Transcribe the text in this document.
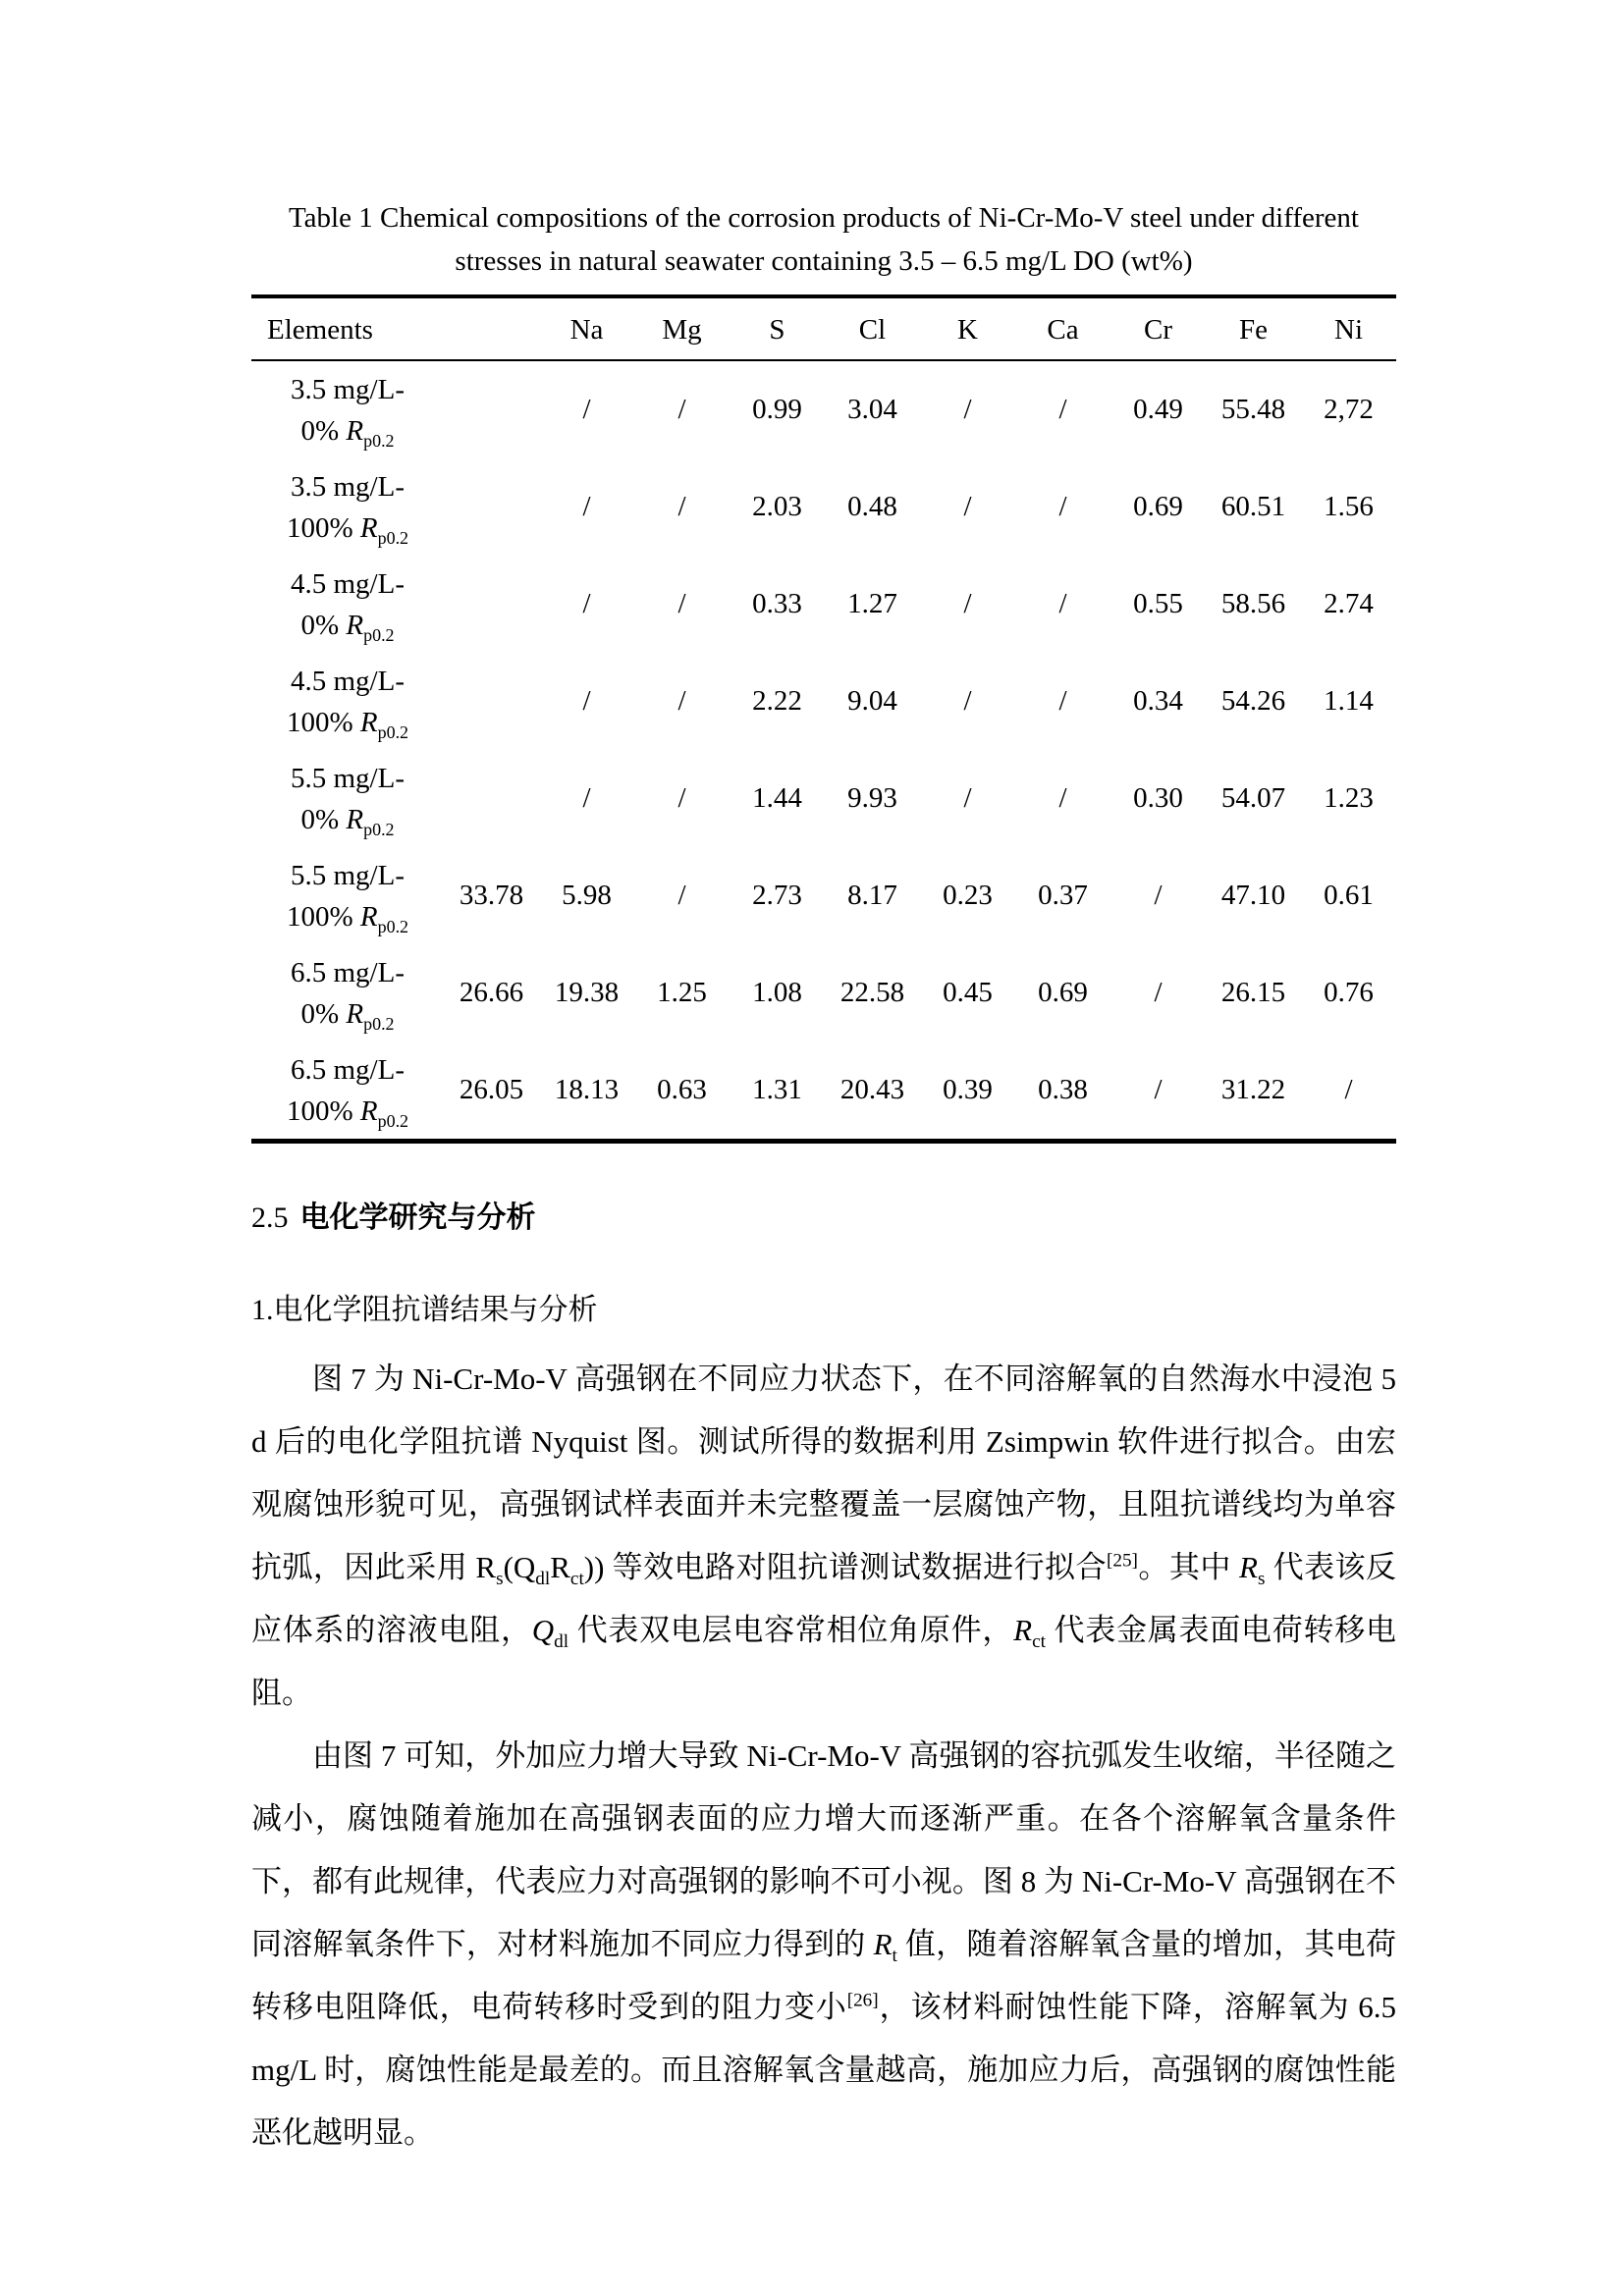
Table 1 Chemical compositions of the corrosion products of Ni-Cr-Mo-V steel under different
stresses in natural seawater containing 3.5 – 6.5 mg/L DO (wt%)
Elements		Na	Mg	S	Cl	K	Ca	Cr	Fe	Ni

3.5 mg/L-
0% $R_{p0.2}$		/	/	0.99	3.04	/	/	0.49	55.48	2,72

3.5 mg/L-
100% $R_{p0.2}$		/	/	2.03	0.48	/	/	0.69	60.51	1.56

4.5 mg/L-
0% $R_{p0.2}$		/	/	0.33	1.27	/	/	0.55	58.56	2.74

4.5 mg/L-
100% $R_{p0.2}$		/	/	2.22	9.04	/	/	0.34	54.26	1.14

5.5 mg/L-
0% $R_{p0.2}$		/	/	1.44	9.93	/	/	0.30	54.07	1.23

5.5 mg/L-
100% $R_{p0.2}$	33.78	5.98	/	2.73	8.17	0.23	0.37	/	47.10	0.61

6.5 mg/L-
0% $R_{p0.2}$	26.66	19.38	1.25	1.08	22.58	0.45	0.69	/	26.15	0.76

6.5 mg/L-
100% $R_{p0.2}$	26.05	18.13	0.63	1.31	20.43	0.39	0.38	/	31.22	/
2.5 电化学研究与分析
1.电化学阻抗谱结果与分析

图 7 为 Ni-Cr-Mo-V 高强钢在不同应力状态下，在不同溶解氧的自然海水中浸泡 5 d 后的电化学阻抗谱 Nyquist 图。测试所得的数据利用 Zsimpwin 软件进行拟合。由宏观腐蚀形貌可见，高强钢试样表面并未完整覆盖一层腐蚀产物，且阻抗谱线均为单容抗弧，因此采用 $R_s(Q_{dl}R_{ct})$) 等效电路对阻抗谱测试数据进行拟合[25]。其中 $R_s$ 代表该反应体系的溶液电阻，$Q_{dl}$ 代表双电层电容常相位角原件，$R_{ct}$ 代表金属表面电荷转移电阻。

由图 7 可知，外加应力增大导致 Ni-Cr-Mo-V 高强钢的容抗弧发生收缩，半径随之减小，腐蚀随着施加在高强钢表面的应力增大而逐渐严重。在各个溶解氧含量条件下，都有此规律，代表应力对高强钢的影响不可小视。图 8 为 Ni-Cr-Mo-V 高强钢在不同溶解氧条件下，对材料施加不同应力得到的 $R_t$ 值，随着溶解氧含量的增加，其电荷转移电阻降低，电荷转移时受到的阻力变小[26]，该材料耐蚀性能下降，溶解氧为 6.5 mg/L 时，腐蚀性能是最差的。而且溶解氧含量越高，施加应力后，高强钢的腐蚀性能恶化越明显。
